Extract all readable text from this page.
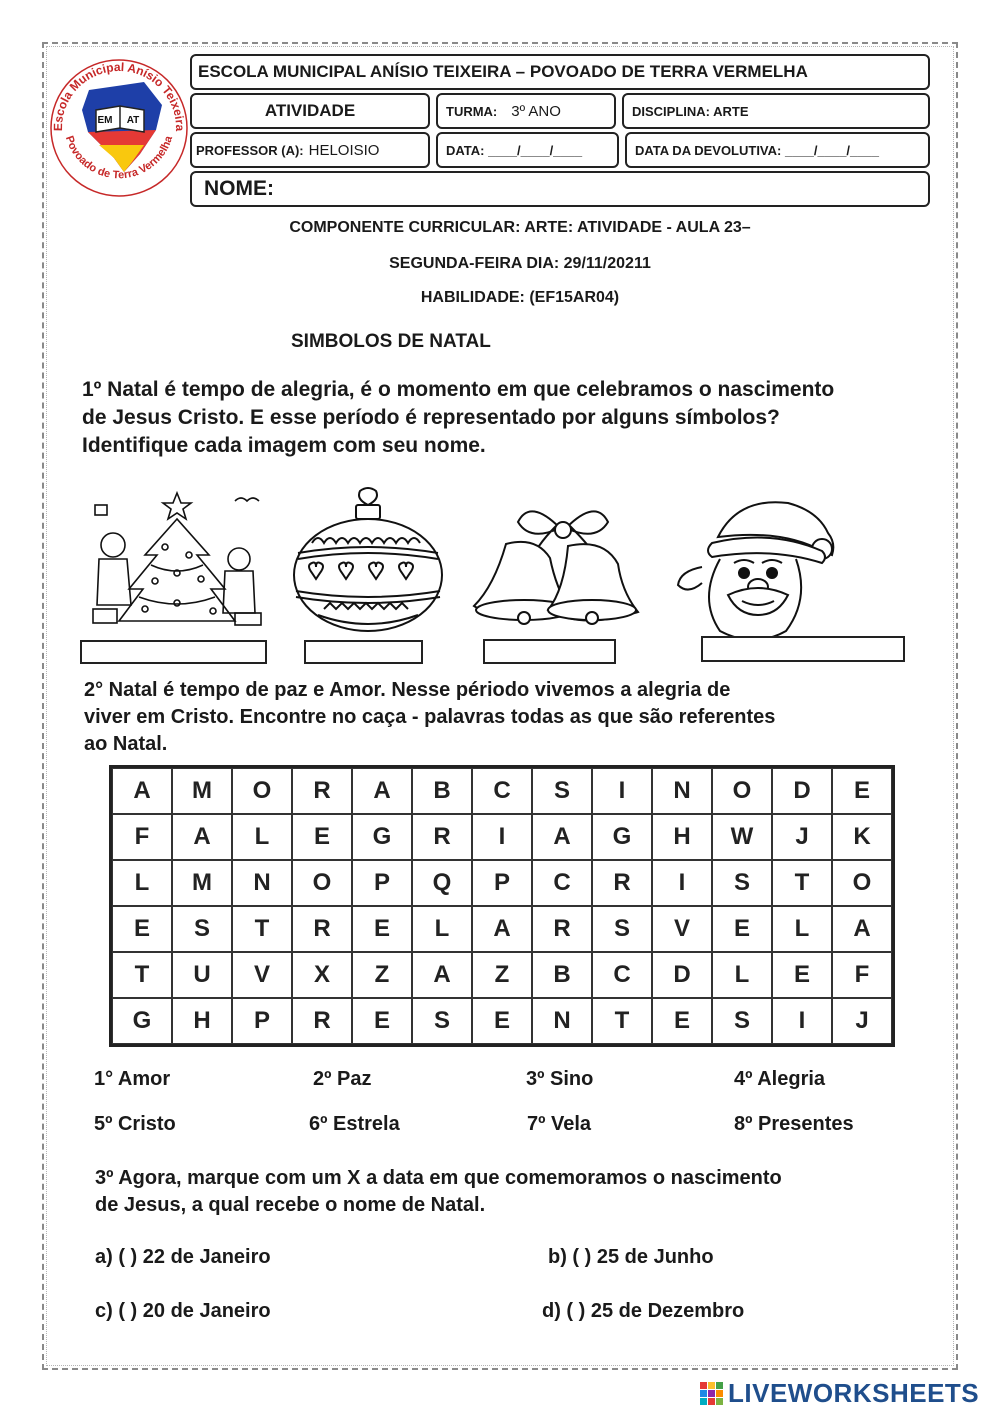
Escola Municipal Anísio Teixeira
Povoado de Terra Vermelha
EM AT
ESCOLA MUNICIPAL ANÍSIO TEIXEIRA – POVOADO DE TERRA VERMELHA
ATIVIDADE	TURMA: 3º ANO	DISCIPLINA: ARTE
PROFESSOR (A): HELOISIO	DATA: ____/____/____	DATA DA DEVOLUTIVA: ____/____/____
NOME:
COMPONENTE CURRICULAR: ARTE: ATIVIDADE - AULA 23–
SEGUNDA-FEIRA DIA: 29/11/20211
HABILIDADE: (EF15AR04)
SIMBOLOS DE NATAL
1º Natal é tempo de alegria, é o momento em que celebramos o nascimento
de Jesus Cristo. E esse período é representado por alguns símbolos?
Identifique cada imagem com seu nome.
2° Natal é tempo de paz e Amor. Nesse périodo vivemos a alegria de
viver em Cristo. Encontre no caça - palavras todas as que são referentes
ao Natal.
A	M	O	R	A	B	C	S	I	N	O	D	E
F	A	L	E	G	R	I	A	G	H	W	J	K
L	M	N	O	P	Q	P	C	R	I	S	T	O
E	S	T	R	E	L	A	R	S	V	E	L	A
T	U	V	X	Z	A	Z	B	C	D	L	E	F
G	H	P	R	E	S	E	N	T	E	S	I	J
1° Amor	2º Paz	3º Sino	4º Alegria
5º Cristo	6º Estrela	7º Vela	8º Presentes
3º Agora, marque com um X a data em que comemoramos o nascimento
de Jesus, a qual recebe o nome de Natal.
a) ( ) 22 de Janeiro	b) ( ) 25 de Junho
c) ( ) 20 de Janeiro	d) ( ) 25 de Dezembro
LIVEWORKSHEETS
